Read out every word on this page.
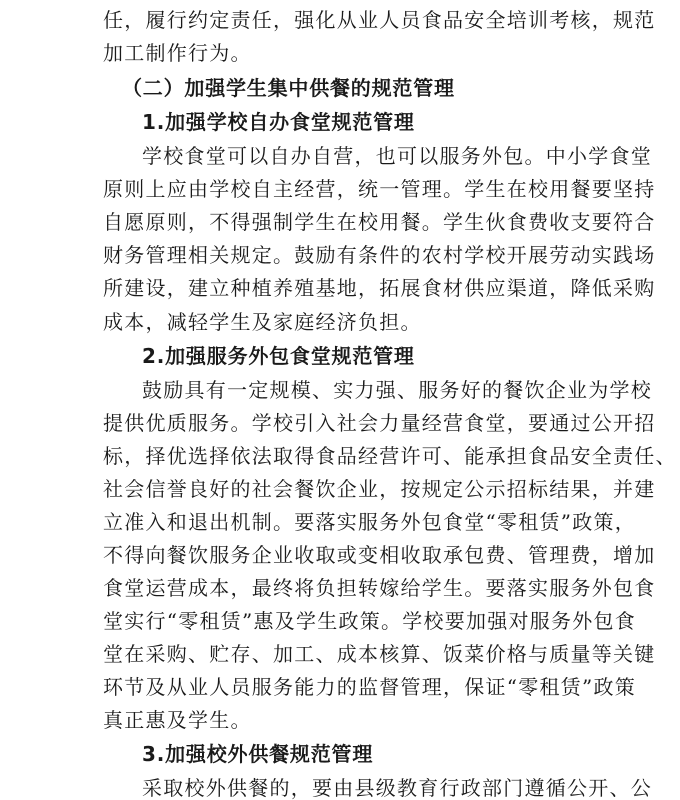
任，履行约定责任，强化从业人员食品安全培训考核，规范
加工制作行为。
（二）加强学生集中供餐的规范管理
1.加强学校自办食堂规范管理
学校食堂可以自办自营，也可以服务外包。中小学食堂
原则上应由学校自主经营，统一管理。学生在校用餐要坚持
自愿原则，不得强制学生在校用餐。学生伙食费收支要符合
财务管理相关规定。鼓励有条件的农村学校开展劳动实践场
所建设，建立种植养殖基地，拓展食材供应渠道，降低采购
成本，减轻学生及家庭经济负担。
2.加强服务外包食堂规范管理
鼓励具有一定规模、实力强、服务好的餐饮企业为学校
提供优质服务。学校引入社会力量经营食堂，要通过公开招
标，择优选择依法取得食品经营许可、能承担食品安全责任、
社会信誉良好的社会餐饮企业，按规定公示招标结果，并建
立准入和退出机制。要落实服务外包食堂“零租赁”政策，
不得向餐饮服务企业收取或变相收取承包费、管理费，增加
食堂运营成本，最终将负担转嫁给学生。要落实服务外包食
堂实行“零租赁”惠及学生政策。学校要加强对服务外包食
堂在采购、贮存、加工、成本核算、饭菜价格与质量等关键
环节及从业人员服务能力的监督管理，保证“零租赁”政策
真正惠及学生。
3.加强校外供餐规范管理
采取校外供餐的，要由县级教育行政部门遵循公开、公
